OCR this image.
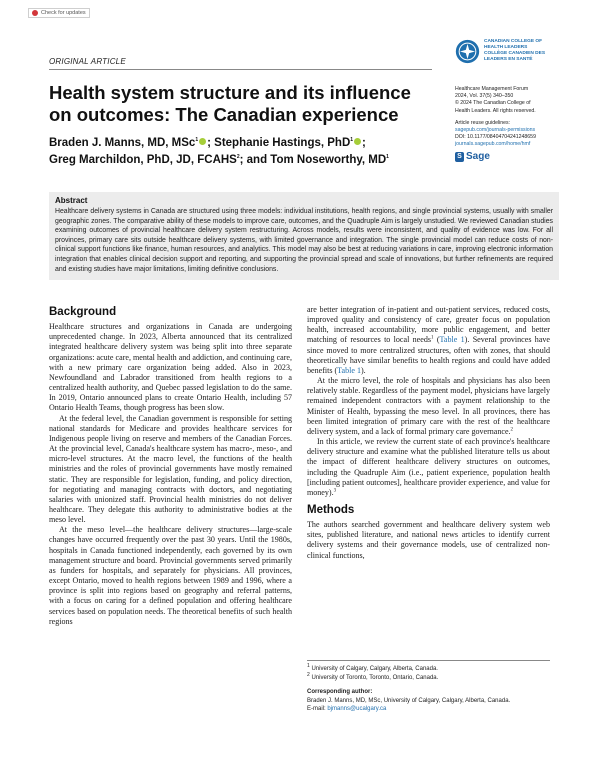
Check for updates
ORIGINAL ARTICLE
CANADIAN COLLEGE OF
HEALTH LEADERS
COLLÈGE CANADIEN DES
LEADERS EN SANTÉ
Health system structure and its influence on outcomes: The Canadian experience
Braden J. Manns, MD, MSc$^1$ ; Stephanie Hastings, PhD$^1$ ;
Greg Marchildon, PhD, JD, FCAHS$^2$; and Tom Noseworthy, $MD^1$
Healthcare Management Forum
2024, Vol. 37(5) 340–350
© 2024 The Canadian College of
Health Leaders. All rights reserved.
Article reuse guidelines:
sagepub.com/journals-permissions
DOI: 10.1177/08404704241248659
journals.sagepub.com/home/hmf
S Sage
Abstract

Healthcare delivery systems in Canada are structured using three models: individual institutions, health regions, and single provincial systems, usually with smaller geographic zones. The comparative ability of these models to improve care, outcomes, and the Quadruple Aim is largely unstudied. We reviewed Canadian studies examining outcomes of provincial healthcare delivery system restructuring. Across models, results were inconsistent, and quality of evidence was low. For all provinces, primary care sits outside healthcare delivery systems, with limited governance and integration. The single provincial model can reduce costs of non-clinical support functions like finance, human resources, and analytics. This model may also be best at reducing variations in care, improving electronic information integration that enables clinical decision support and reporting, and supporting the provincial spread and scale of innovations, but further refinements are required and existing studies have major limitations, limiting definitive conclusions.

Background

Healthcare structures and organizations in Canada are undergoing unprecedented change. In 2023, Alberta announced that its centralized integrated healthcare delivery system was being split into three separate organizations: acute care, mental health and addiction, and continuing care, with a new primary care organization being added. Also in 2023, Newfoundland and Labrador transitioned from health regions to a centralized health authority, and Quebec passed legislation to do the same. In 2019, Ontario announced plans to create Ontario Health, including 57 Ontario Health Teams, though progress has been slow.

At the federal level, the Canadian government is responsible for setting national standards for Medicare and provides healthcare services for Indigenous people living on reserve and members of the Canadian Forces. At the provincial level, Canada's healthcare system has macro-, meso-, and micro-level structures. At the macro level, the functions of the health ministries and the roles of provincial governments have mostly remained static. They are responsible for legislation, funding, and policy direction, for negotiating and managing contracts with doctors, and negotiating salaries with unionized staff. Provincial health ministries do not deliver healthcare. They delegate this authority to administrative bodies at the meso level.

At the meso level—the healthcare delivery structures—large-scale changes have occurred frequently over the past 30 years. Until the 1980s, hospitals in Canada functioned independently, each governed by its own management structure and board. Provincial governments served primarily as funders for hospitals, and separately for physicians. All provinces, except Ontario, moved to health regions between 1989 and 1996, where a province is split into regions based on geography and referral patterns, with a focus on caring for a defined population and offering healthcare services based on population needs. The theoretical benefits of such health regions

are better integration of in-patient and out-patient services, reduced costs, improved quality and consistency of care, greater focus on population health, increased accountability, more public engagement, and better matching of resources to local needs$^1$ (Table 1). Several provinces have since moved to more centralized structures, often with zones, that should theoretically have similar benefits to health regions and could have added benefits (Table 1).

At the micro level, the role of hospitals and physicians has also been relatively stable. Regardless of the payment model, physicians have largely remained independent contractors with a payment relationship to the Minister of Health, bypassing the meso level. In all provinces, there has been limited integration of primary care with the rest of the healthcare delivery system, and a lack of formal primary care governance.$^2$

In this article, we review the current state of each province's healthcare delivery structure and examine what the published literature tells us about the impact of different healthcare delivery structures on outcomes, including the Quadruple Aim (i.e., patient experience, population health [including patient outcomes], healthcare provider experience, and value for money).$^3$

Methods

The authors searched government and healthcare delivery system web sites, published literature, and national news articles to identify current delivery systems and their governance models, use of centralized non-clinical functions,

$^1$ University of Calgary, Calgary, Alberta, Canada.
$^2$ University of Toronto, Toronto, Ontario, Canada.
Corresponding author:
Braden J. Manns, MD, MSc, University of Calgary, Calgary, Alberta, Canada.
E-mail: bjmanns@ucalgary.ca
